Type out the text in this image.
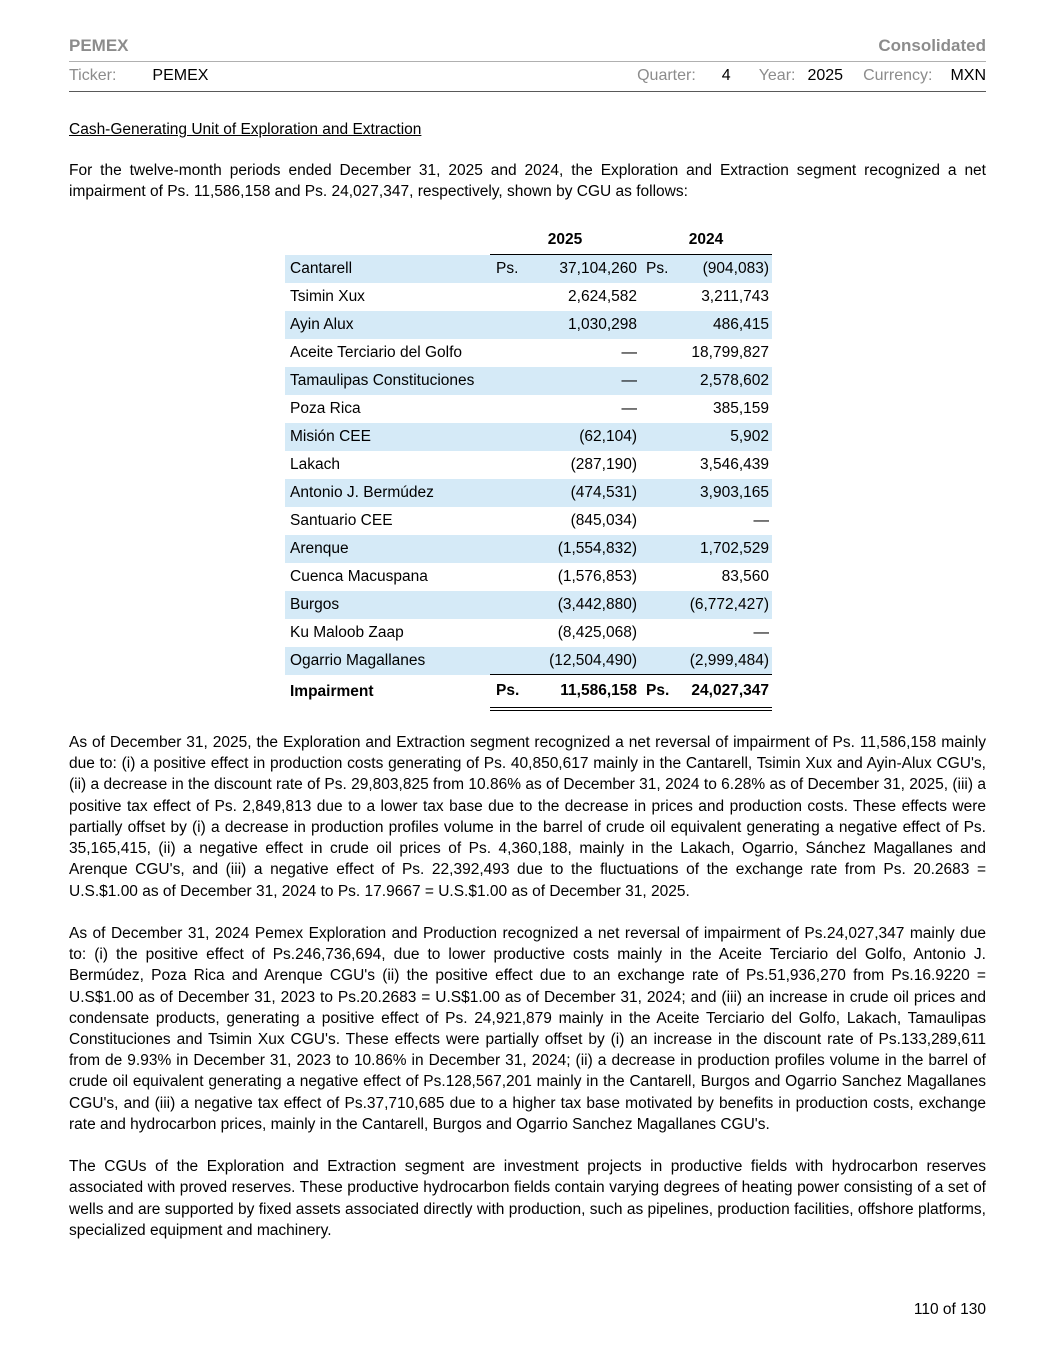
PEMEX	Consolidated
Ticker: PEMEX	Quarter: 4 Year: 2025 Currency: MXN
Cash-Generating Unit of Exploration and Extraction

For the twelve-month periods ended December 31, 2025 and 2024, the Exploration and Extraction segment recognized a net impairment of Ps. 11,586,158 and Ps. 24,027,347, respectively, shown by CGU as follows:

	2025		2024	
Cantarell	Ps.	37,104,260	Ps.	(904,083)
Tsimin Xux		2,624,582		3,211,743
Ayin Alux		1,030,298		486,415
Aceite Terciario del Golfo		—		18,799,827
Tamaulipas Constituciones		—		2,578,602
Poza Rica		—		385,159
Misión CEE		(62,104)		5,902
Lakach		(287,190)		3,546,439
Antonio J. Bermúdez		(474,531)		3,903,165
Santuario CEE		(845,034)		—
Arenque		(1,554,832)		1,702,529
Cuenca Macuspana		(1,576,853)		83,560
Burgos		(3,442,880)		(6,772,427)
Ku Maloob Zaap		(8,425,068)		—
Ogarrio Magallanes		(12,504,490)		(2,999,484)
Impairment	Ps.	11,586,158	Ps.	24,027,347

As of December 31, 2025, the Exploration and Extraction segment recognized a net reversal of impairment of Ps. 11,586,158 mainly due to: (i) a positive effect in production costs generating of Ps. 40,850,617 mainly in the Cantarell, Tsimin Xux and Ayin-Alux CGU's, (ii) a decrease in the discount rate of Ps. 29,803,825 from 10.86% as of December 31, 2024 to 6.28% as of December 31, 2025, (iii) a positive tax effect of Ps. 2,849,813 due to a lower tax base due to the decrease in prices and production costs. These effects were partially offset by (i) a decrease in production profiles volume in the barrel of crude oil equivalent generating a negative effect of Ps. 35,165,415, (ii) a negative effect in crude oil prices of Ps. 4,360,188, mainly in the Lakach, Ogarrio, Sánchez Magallanes and Arenque CGU's, and (iii) a negative effect of Ps. 22,392,493 due to the fluctuations of the exchange rate from Ps. 20.2683 = U.S.$1.00 as of December 31, 2024 to Ps. 17.9667 = U.S.$1.00 as of December 31, 2025.

As of December 31, 2024 Pemex Exploration and Production recognized a net reversal of impairment of Ps.24,027,347 mainly due to: (i) the positive effect of Ps.246,736,694, due to lower productive costs mainly in the Aceite Terciario del Golfo, Antonio J. Bermúdez, Poza Rica and Arenque CGU's (ii) the positive effect due to an exchange rate of Ps.51,936,270 from Ps.16.9220 = U.S$1.00 as of December 31, 2023 to Ps.20.2683 = U.S$1.00 as of December 31, 2024; and (iii) an increase in crude oil prices and condensate products, generating a positive effect of Ps. 24,921,879 mainly in the Aceite Terciario del Golfo, Lakach, Tamaulipas Constituciones and Tsimin Xux CGU's. These effects were partially offset by (i) an increase in the discount rate of Ps.133,289,611 from de 9.93% in December 31, 2023 to 10.86% in December 31, 2024; (ii) a decrease in production profiles volume in the barrel of crude oil equivalent generating a negative effect of Ps.128,567,201 mainly in the Cantarell, Burgos and Ogarrio Sanchez Magallanes CGU's, and (iii) a negative tax effect of Ps.37,710,685 due to a higher tax base motivated by benefits in production costs, exchange rate and hydrocarbon prices, mainly in the Cantarell, Burgos and Ogarrio Sanchez Magallanes CGU's.

The CGUs of the Exploration and Extraction segment are investment projects in productive fields with hydrocarbon reserves associated with proved reserves. These productive hydrocarbon fields contain varying degrees of heating power consisting of a set of wells and are supported by fixed assets associated directly with production, such as pipelines, production facilities, offshore platforms, specialized equipment and machinery.

110 of 130
